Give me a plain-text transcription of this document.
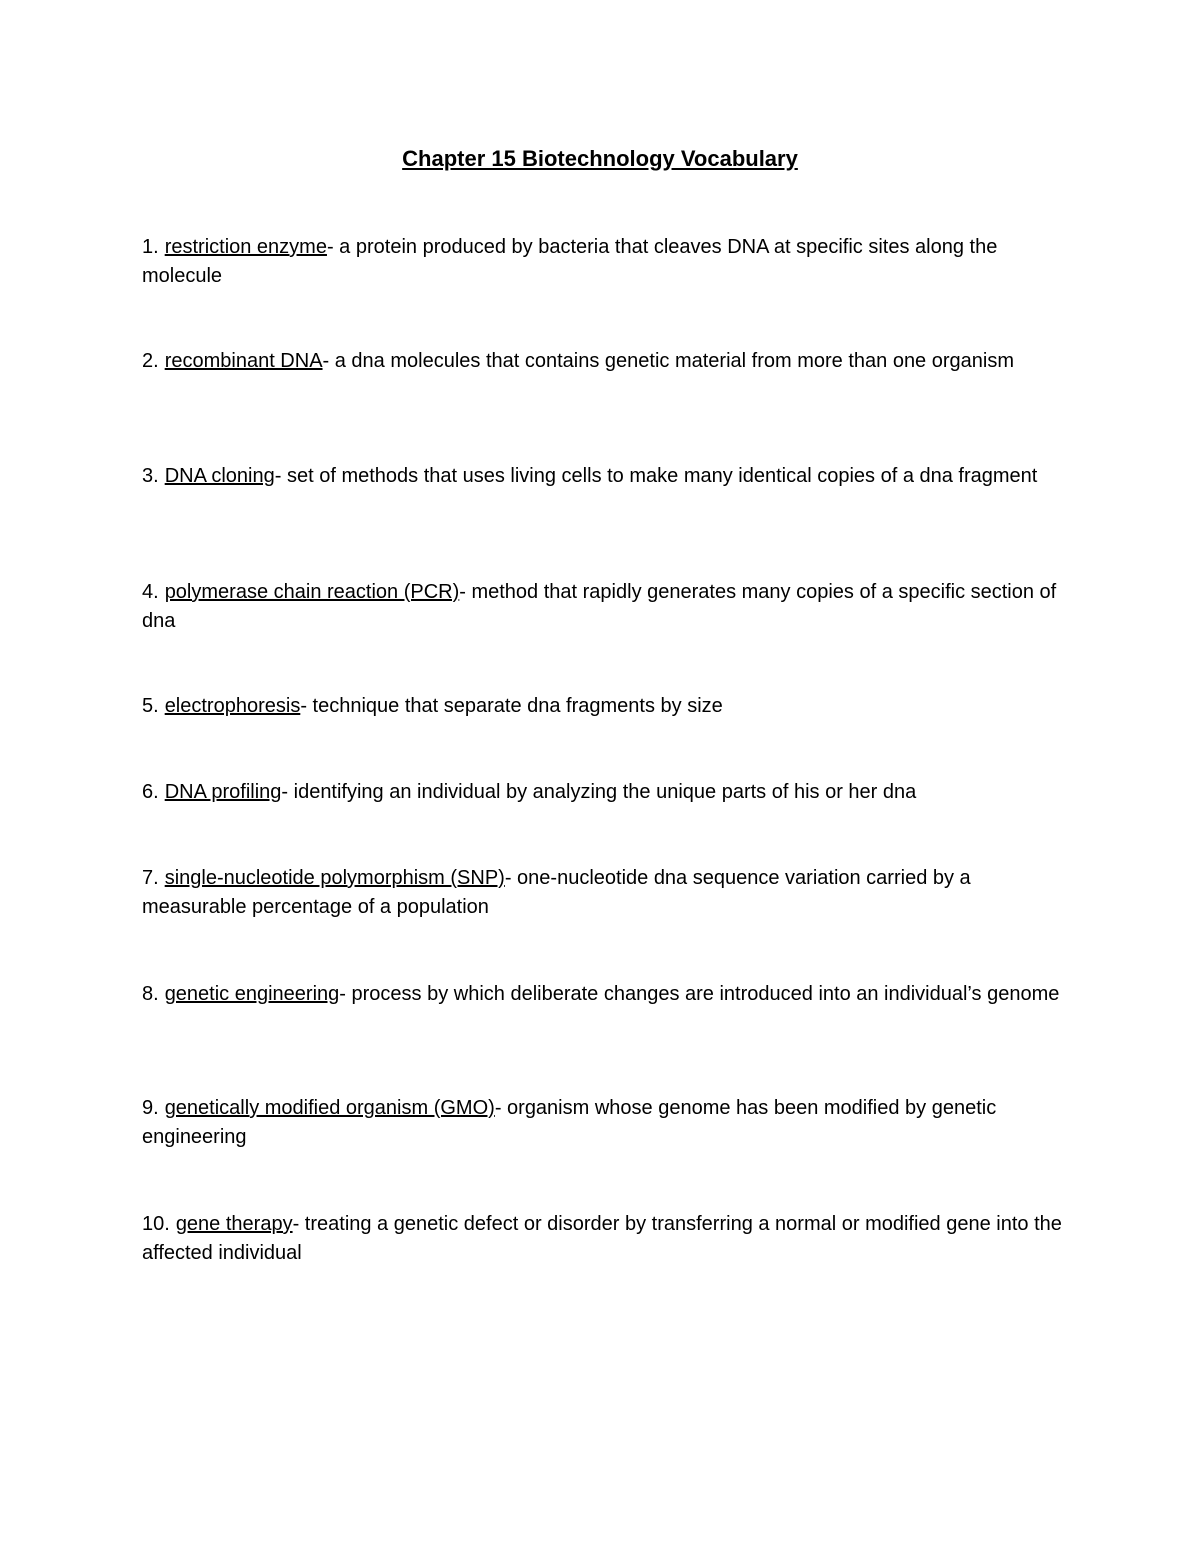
Chapter 15 Biotechnology Vocabulary
1. restriction enzyme- a protein produced by bacteria that cleaves DNA at specific sites along the molecule
2. recombinant DNA- a dna molecules that contains genetic material from more than one organism
3. DNA cloning- set of methods that uses living cells to make many identical copies of a dna fragment
4. polymerase chain reaction (PCR)- method that rapidly generates many copies of a specific section of dna
5. electrophoresis- technique that separate dna fragments by size
6. DNA profiling- identifying an individual by analyzing the unique parts of his or her dna
7. single-nucleotide polymorphism (SNP)- one-nucleotide dna sequence variation carried by a measurable percentage of a population
8. genetic engineering- process by which deliberate changes are introduced into an individual’s genome
9. genetically modified organism (GMO)- organism whose genome has been modified by genetic engineering
10. gene therapy- treating a genetic defect or disorder by transferring a normal or modified gene into the affected individual
